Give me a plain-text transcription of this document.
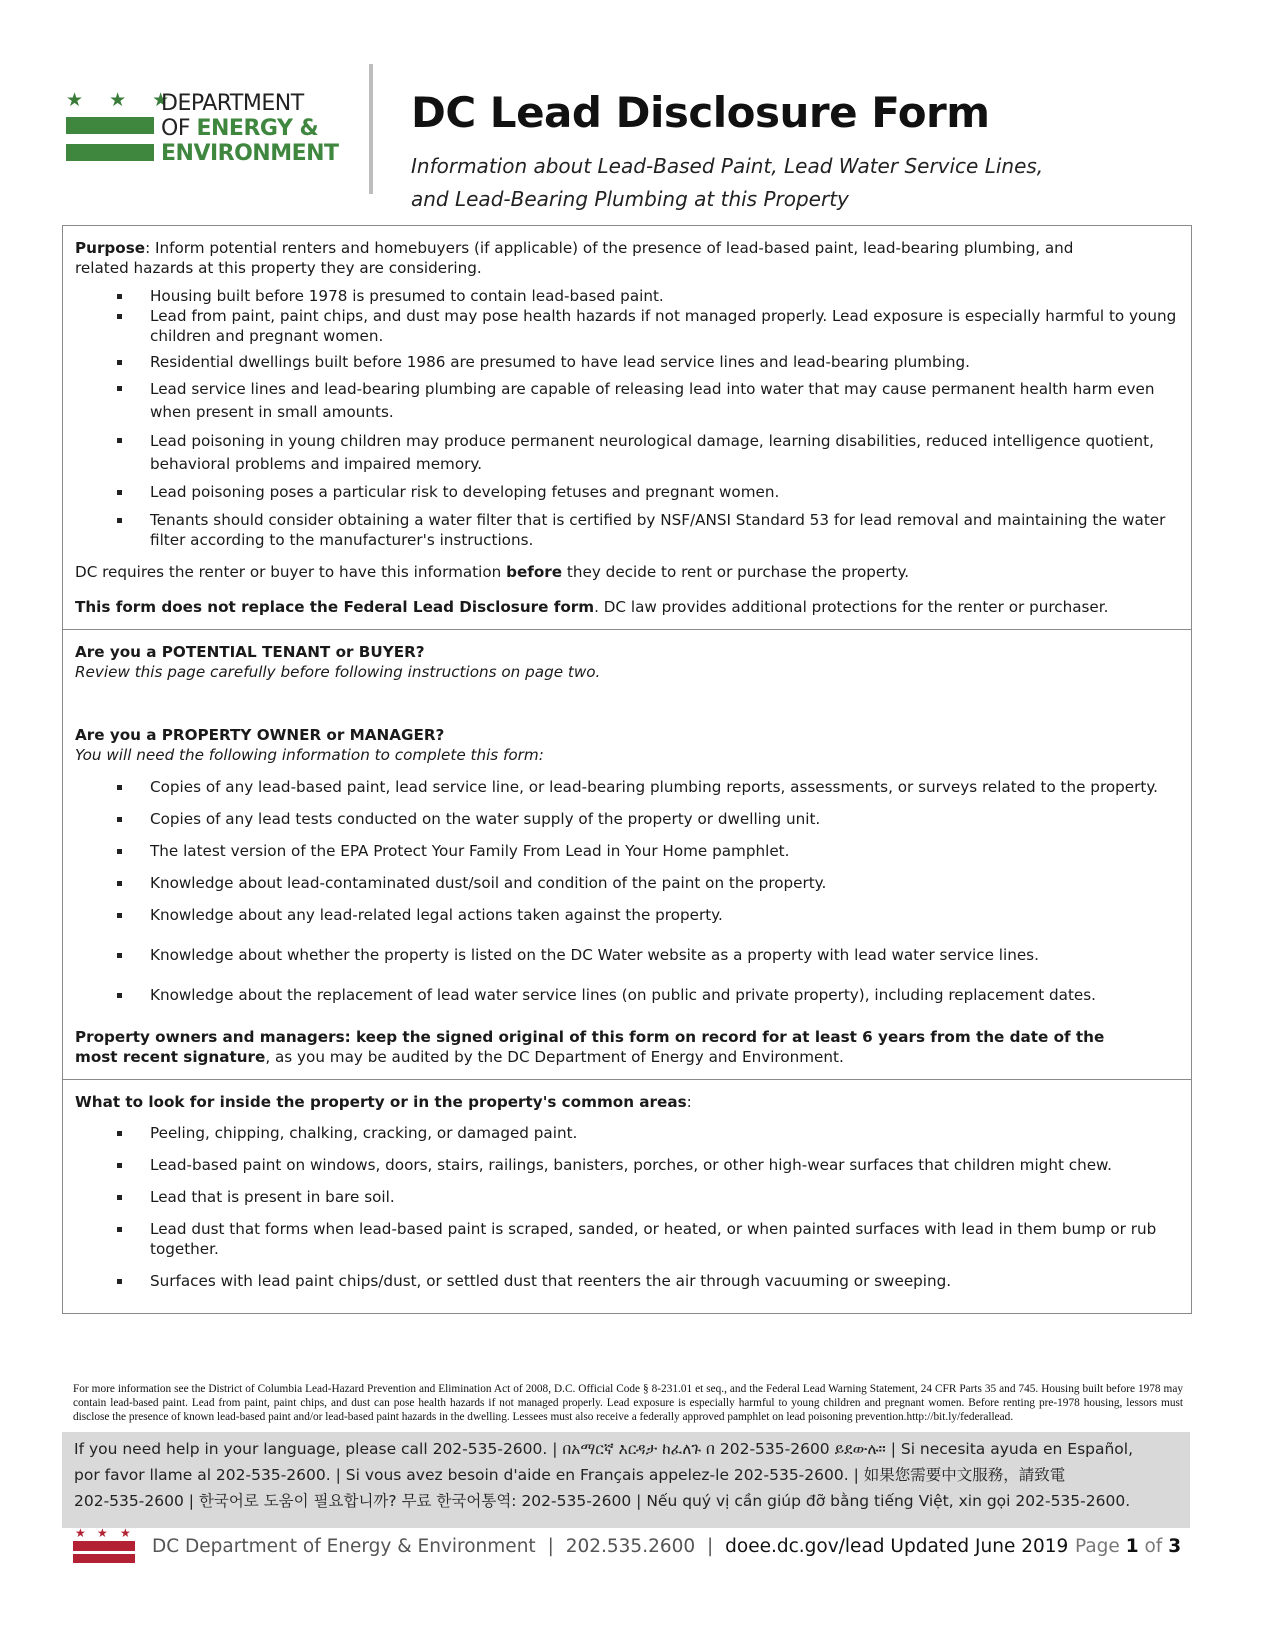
★ ★ ★
DEPARTMENT
OF ENERGY &
ENVIRONMENT
DC Lead Disclosure Form
Information about Lead-Based Paint, Lead Water Service Lines,
and Lead-Bearing Plumbing at this Property

Purpose: Inform potential renters and homebuyers (if applicable) of the presence of lead-based paint, lead-bearing plumbing, and related hazards at this property they are considering.

Housing built before 1978 is presumed to contain lead-based paint.
Lead from paint, paint chips, and dust may pose health hazards if not managed properly. Lead exposure is especially harmful to young children and pregnant women.
Residential dwellings built before 1986 are presumed to have lead service lines and lead-bearing plumbing.
Lead service lines and lead-bearing plumbing are capable of releasing lead into water that may cause permanent health harm even when present in small amounts.
Lead poisoning in young children may produce permanent neurological damage, learning disabilities, reduced intelligence quotient, behavioral problems and impaired memory.
Lead poisoning poses a particular risk to developing fetuses and pregnant women.
Tenants should consider obtaining a water filter that is certified by NSF/ANSI Standard 53 for lead removal and maintaining the water filter according to the manufacturer's instructions.

DC requires the renter or buyer to have this information before they decide to rent or purchase the property.

This form does not replace the Federal Lead Disclosure form. DC law provides additional protections for the renter or purchaser.

Are you a POTENTIAL TENANT or BUYER?

Review this page carefully before following instructions on page two.

Are you a PROPERTY OWNER or MANAGER?

You will need the following information to complete this form:

Copies of any lead-based paint, lead service line, or lead-bearing plumbing reports, assessments, or surveys related to the property.
Copies of any lead tests conducted on the water supply of the property or dwelling unit.
The latest version of the EPA Protect Your Family From Lead in Your Home pamphlet.
Knowledge about lead-contaminated dust/soil and condition of the paint on the property.
Knowledge about any lead-related legal actions taken against the property.
Knowledge about whether the property is listed on the DC Water website as a property with lead water service lines.
Knowledge about the replacement of lead water service lines (on public and private property), including replacement dates.

Property owners and managers: keep the signed original of this form on record for at least 6 years from the date of the most recent signature, as you may be audited by the DC Department of Energy and Environment.

What to look for inside the property or in the property's common areas:

Peeling, chipping, chalking, cracking, or damaged paint.
Lead-based paint on windows, doors, stairs, railings, banisters, porches, or other high-wear surfaces that children might chew.
Lead that is present in bare soil.
Lead dust that forms when lead-based paint is scraped, sanded, or heated, or when painted surfaces with lead in them bump or rub together.
Surfaces with lead paint chips/dust, or settled dust that reenters the air through vacuuming or sweeping.
For more information see the District of Columbia Lead-Hazard Prevention and Elimination Act of 2008, D.C. Official Code § 8-231.01 et seq., and the Federal Lead Warning Statement, 24 CFR Parts 35 and 745. Housing built before 1978 may contain lead-based paint. Lead from paint, paint chips, and dust can pose health hazards if not managed properly. Lead exposure is especially harmful to young children and pregnant women. Before renting pre-1978 housing, lessors must disclose the presence of known lead-based paint and/or lead-based paint hazards in the dwelling. Lessees must also receive a federally approved pamphlet on lead poisoning prevention.http://bit.ly/federallead.

If you need help in your language, please call 202-535-2600. | በአማርኛ እርዳታ ከፈለጉ በ 202-535-2600 ይደውሉ። | Si necesita ayuda en Español,

por favor llame al 202-535-2600. | Si vous avez besoin d'aide en Français appelez-le 202-535-2600. | 如果您需要中文服務，請致電

202-535-2600 | 한국어로 도움이 필요합니까? 무료 한국어통역: 202-535-2600 | Nếu quý vị cần giúp đỡ bằng tiếng Việt, xin gọi 202-535-2600.

★ ★ ★
DC Department of Energy & Environment | 202.535.2600 | doee.dc.gov/lead Updated June 2019 Page 1 of 3
